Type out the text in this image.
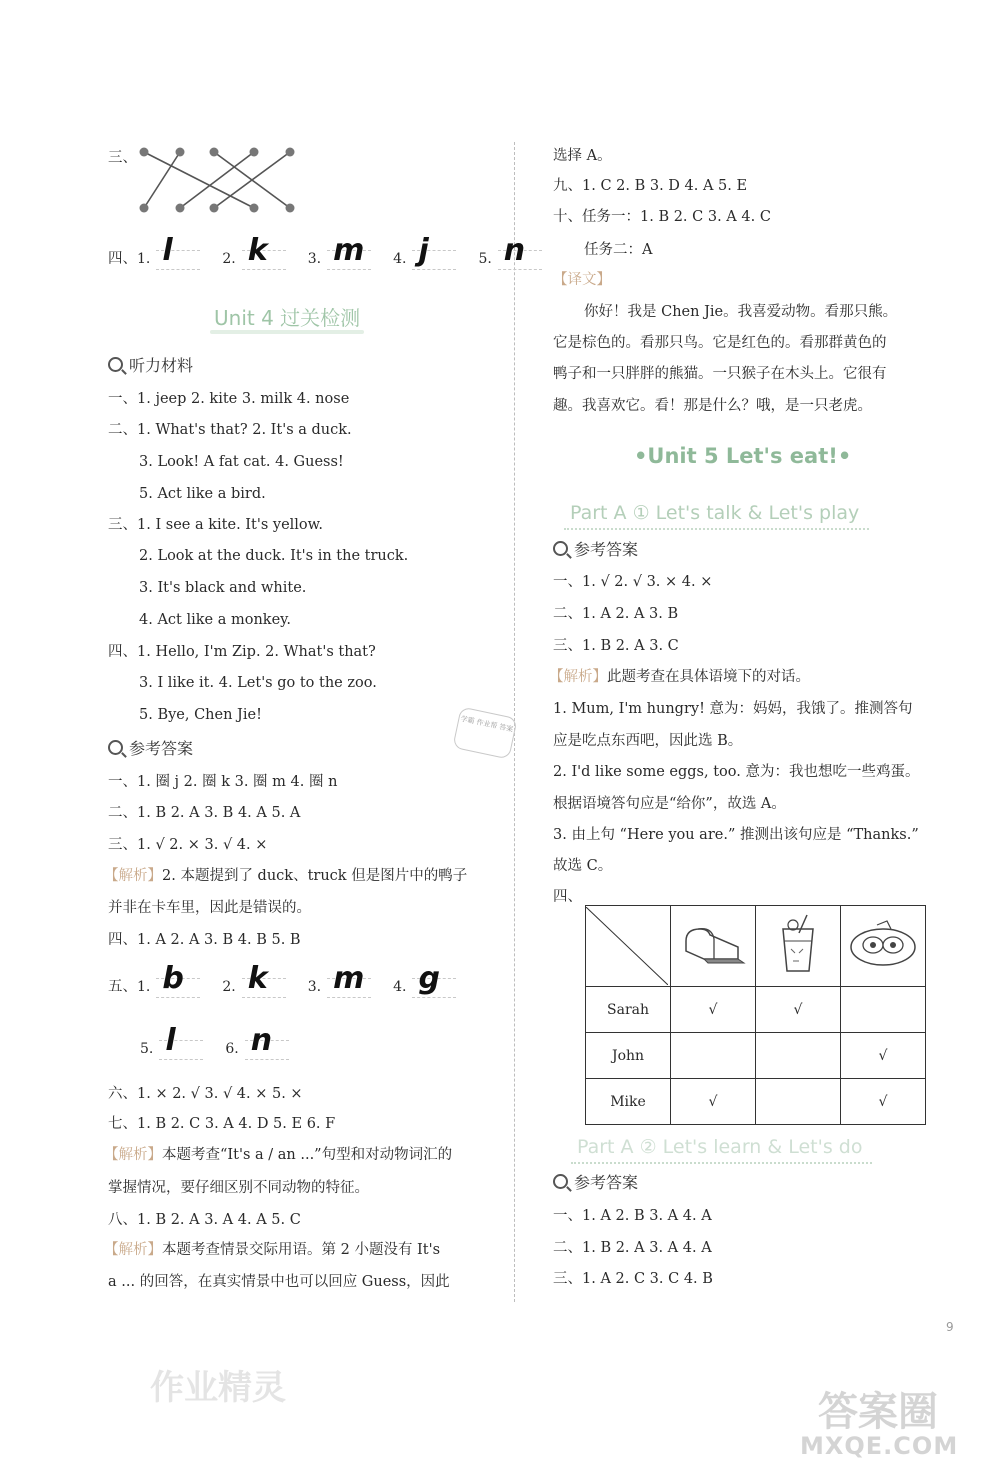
三、
四、1. l	2. k	3. m 4. j	5. n
Unit 4 过关检测
听力材料
一、1. jeep 2. kite 3. milk 4. nose
二、1. What's that? 2. It's a duck.
3. Look! A fat cat. 4. Guess!
5. Act like a bird.
三、1. I see a kite. It's yellow.
2. Look at the duck. It's in the truck.
3. It's black and white.
4. Act like a monkey.
四、1. Hello, I'm Zip. 2. What's that?
3. I like it. 4. Let's go to the zoo.
5. Bye, Chen Jie!	学霸 作业帮 答案
参考答案
一、1. 圈 j 2. 圈 k 3. 圈 m 4. 圈 n
二、1. B 2. A 3. B 4. A 5. A
三、1. √ 2. × 3. √ 4. ×
【解析】2. 本题提到了 duck、truck 但是图片中的鸭子
并非在卡车里，因此是错误的。
四、1. A 2. A 3. B 4. B 5. B
五、1. b	2. k	3. m 4. g
5. l	6. n
六、1. × 2. √ 3. √ 4. × 5. ×
七、1. B 2. C 3. A 4. D 5. E 6. F
【解析】本题考查“It's a / an ...”句型和对动物词汇的
掌握情况，要仔细区别不同动物的特征。
八、1. B 2. A 3. A 4. A 5. C
【解析】本题考查情景交际用语。第 2 小题没有 It's
a ... 的回答，在真实情景中也可以回应 Guess，因此
选择 A。
九、1. C 2. B 3. D 4. A 5. E
十、任务一：1. B 2. C 3. A 4. C
任务二：A
【译文】
你好！我是 Chen Jie。我喜爱动物。看那只熊。
它是棕色的。看那只鸟。它是红色的。看那群黄色的
鸭子和一只胖胖的熊猫。一只猴子在木头上。它很有
趣。我喜欢它。看！那是什么？哦，是一只老虎。
•Unit 5 Let's eat!•
Part A ① Let's talk & Let's play
参考答案
一、1. √ 2. √ 3. × 4. ×
二、1. A 2. A 3. B
三、1. B 2. A 3. C
【解析】此题考查在具体语境下的对话。
1. Mum, I'm hungry! 意为：妈妈，我饿了。推测答句
应是吃点东西吧，因此选 B。
2. I'd like some eggs, too. 意为：我也想吃一些鸡蛋。
根据语境答句应是“给你”，故选 A。
3. 由上句 “Here you are.” 推测出该句应是 “Thanks.”
故选 C。
四、

Sarah	√	√	
John			√
Mike	√		√
Part A ② Let's learn & Let's do
参考答案
一、1. A 2. B 3. A 4. A
二、1. B 2. A 3. A 4. A
三、1. A 2. C 3. C 4. B
9
作业精灵
答案圈
MXQE.COM
